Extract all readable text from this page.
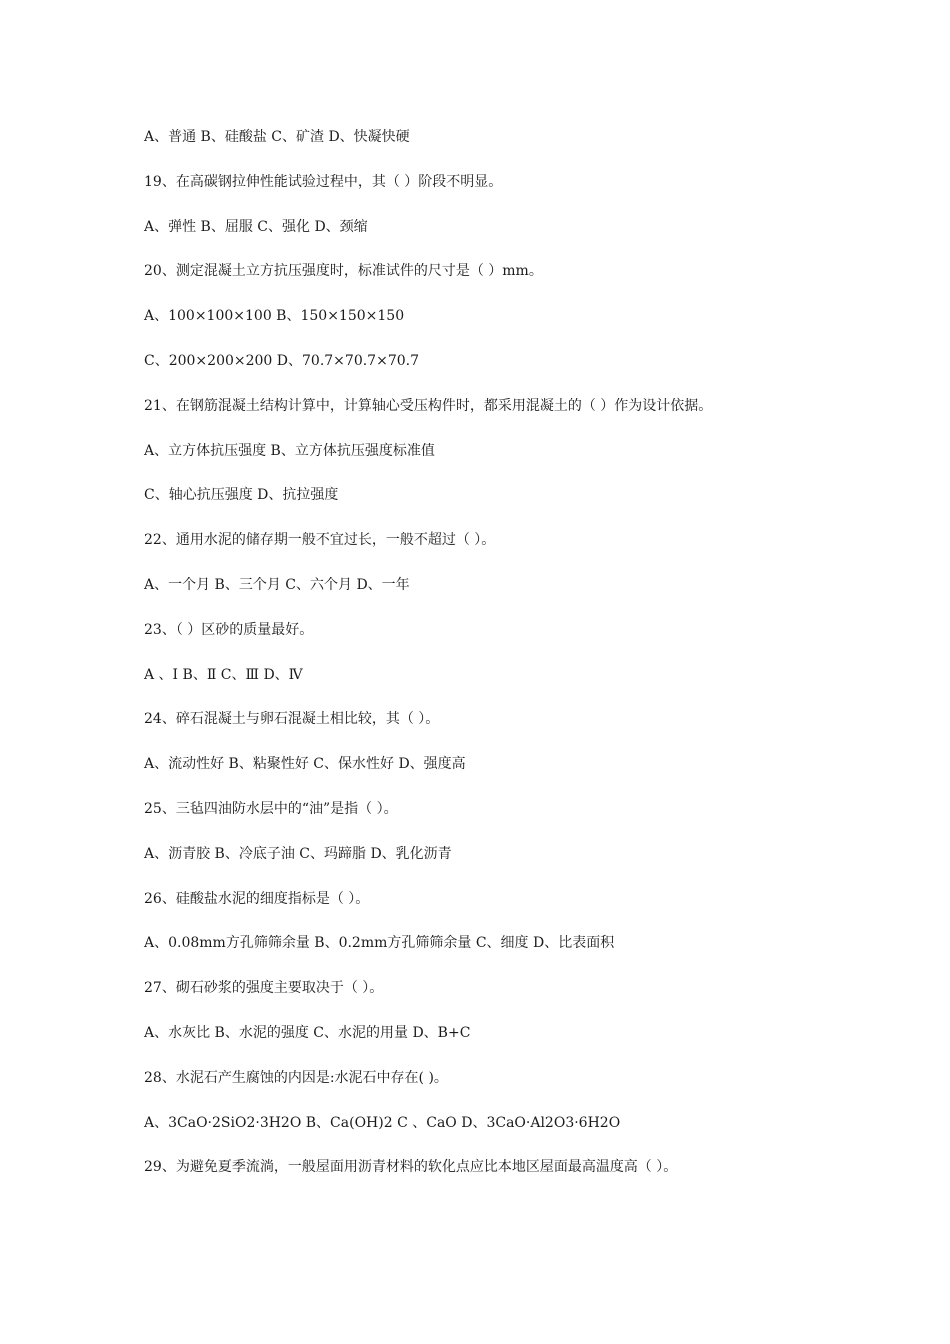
A、普通 B、硅酸盐 C、矿渣 D、快凝快硬
19、在高碳钢拉伸性能试验过程中，其（ ）阶段不明显。
A、弹性 B、屈服 C、强化 D、颈缩
20、测定混凝土立方抗压强度时，标准试件的尺寸是（ ）mm。
A、100×100×100 B、150×150×150
C、200×200×200 D、70.7×70.7×70.7
21、在钢筋混凝土结构计算中，计算轴心受压构件时，都采用混凝土的（ ）作为设计依据。
A、立方体抗压强度 B、立方体抗压强度标准值
C、轴心抗压强度 D、抗拉强度
22、通用水泥的储存期一般不宜过长，一般不超过（ ）。
A、一个月 B、三个月 C、六个月 D、一年
23、（ ）区砂的质量最好。
A 、Ⅰ B、Ⅱ C、Ⅲ D、Ⅳ
24、碎石混凝土与卵石混凝土相比较，其（ ）。
A、流动性好 B、粘聚性好 C、保水性好 D、强度高
25、三毡四油防水层中的“油”是指（ ）。
A、沥青胶 B、冷底子油 C、玛蹄脂 D、乳化沥青
26、硅酸盐水泥的细度指标是（ ）。
A、0.08mm方孔筛筛余量 B、0.2mm方孔筛筛余量 C、细度 D、比表面积
27、砌石砂浆的强度主要取决于（ ）。
A、水灰比 B、水泥的强度 C、水泥的用量 D、B+C
28、水泥石产生腐蚀的内因是:水泥石中存在( )。
A、3CaO·2SiO2·3H2O B、Ca(OH)2 C 、CaO D、3CaO·Al2O3·6H2O
29、为避免夏季流淌，一般屋面用沥青材料的软化点应比本地区屋面最高温度高（ ）。
